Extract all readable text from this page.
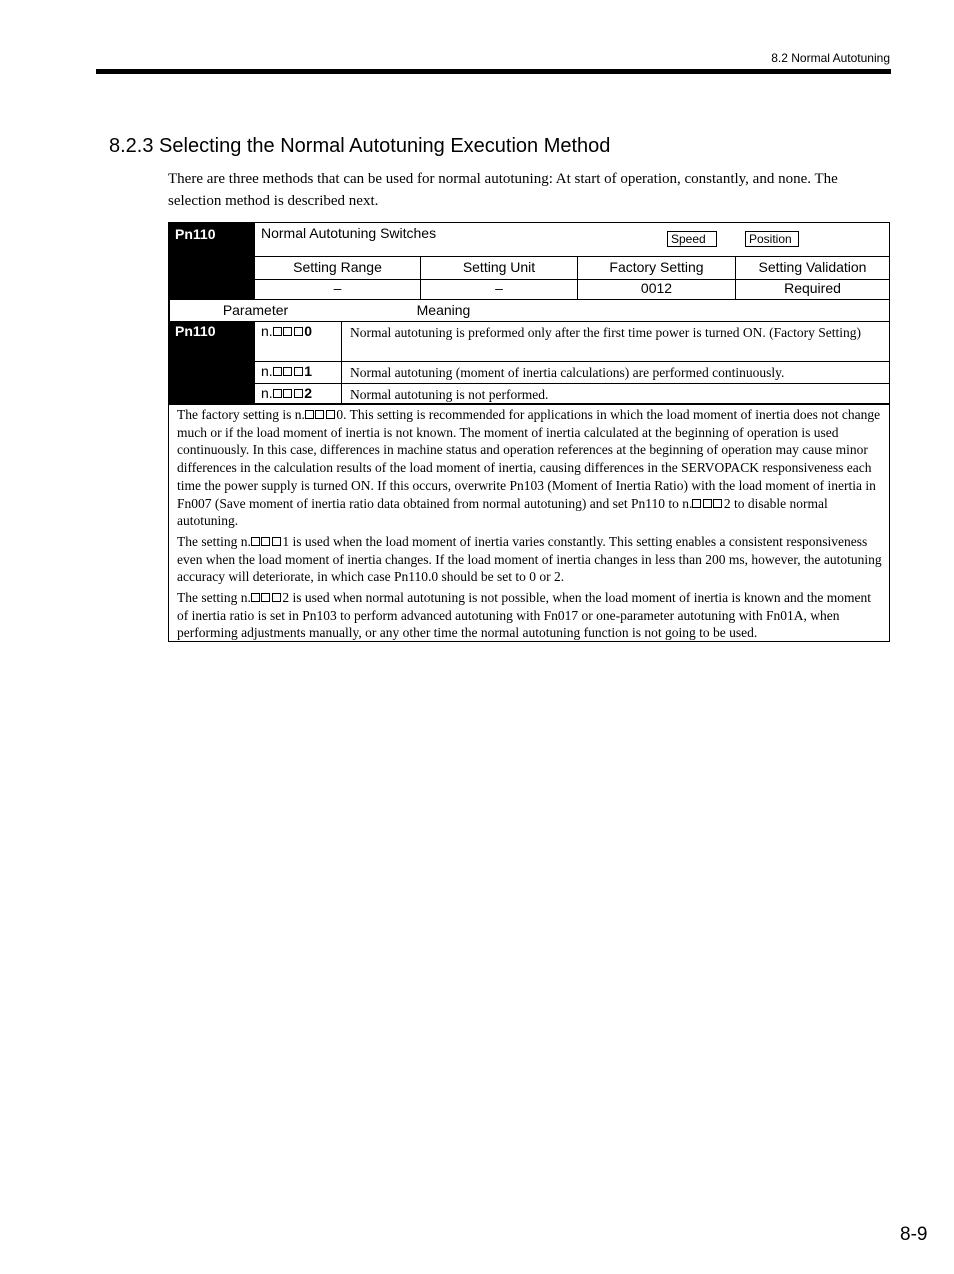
8.2 Normal Autotuning
8.2.3 Selecting the Normal Autotuning Execution Method
There are three methods that can be used for normal autotuning: At start of operation, constantly, and none. The selection method is described next.
Pn110	Normal Autotuning Switches	Speed	Position
Setting Range	Setting Unit	Factory Setting	Setting Validation
–	–	0012	Required
Parameter	Meaning
Pn110	n. 0	Normal autotuning is preformed only after the first time power is turned ON. (Factory Setting)
n. 1	Normal autotuning (moment of inertia calculations) are performed continuously.
n. 2	Normal autotuning is not performed.

The factory setting is n. 0. This setting is recommended for applications in which the load moment of inertia does not change much or if the load moment of inertia is not known. The moment of inertia calculated at the beginning of operation is used continuously. In this case, differences in machine status and operation references at the beginning of operation may cause minor differences in the calculation results of the load moment of inertia, causing differences in the SERVOPACK responsiveness each time the power supply is turned ON. If this occurs, overwrite Pn103 (Moment of Inertia Ratio) with the load moment of inertia in Fn007 (Save moment of inertia ratio data obtained from normal autotuning) and set Pn110 to n. 2 to disable normal autotuning.

The setting n. 1 is used when the load moment of inertia varies constantly. This setting enables a consistent responsiveness even when the load moment of inertia changes. If the load moment of inertia changes in less than 200 ms, however, the autotuning accuracy will deteriorate, in which case Pn110.0 should be set to 0 or 2.

The setting n. 2 is used when normal autotuning is not possible, when the load moment of inertia is known and the moment of inertia ratio is set in Pn103 to perform advanced autotuning with Fn017 or one-parameter autotuning with Fn01A, when performing adjustments manually, or any other time the normal autotuning function is not going to be used.

8-9
